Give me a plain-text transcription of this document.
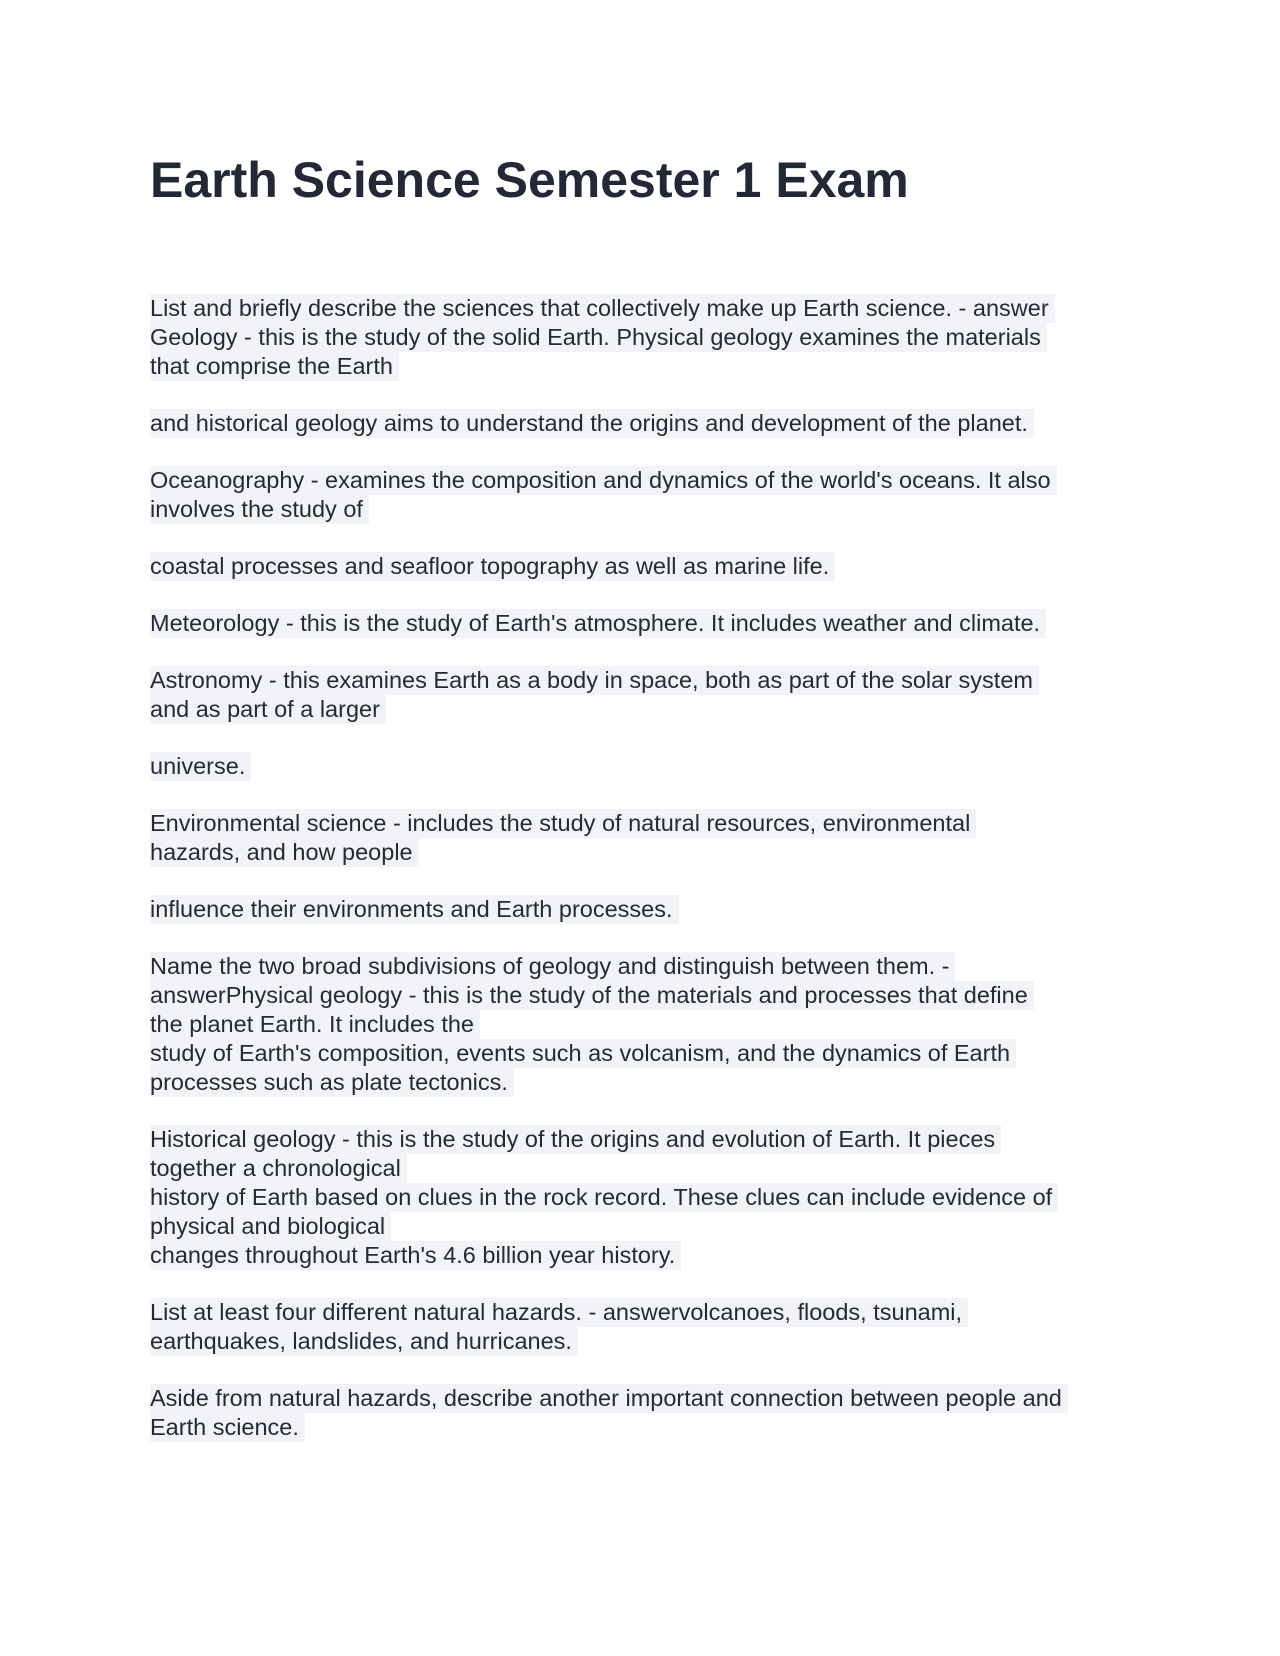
Earth Science Semester 1 Exam
List and briefly describe the sciences that collectively make up Earth science. - answer
Geology - this is the study of the solid Earth. Physical geology examines the materials
that comprise the Earth
and historical geology aims to understand the origins and development of the planet.
Oceanography - examines the composition and dynamics of the world's oceans. It also
involves the study of
coastal processes and seafloor topography as well as marine life.
Meteorology - this is the study of Earth's atmosphere. It includes weather and climate.
Astronomy - this examines Earth as a body in space, both as part of the solar system
and as part of a larger
universe.
Environmental science - includes the study of natural resources, environmental
hazards, and how people
influence their environments and Earth processes.
Name the two broad subdivisions of geology and distinguish between them. -
answerPhysical geology - this is the study of the materials and processes that define
the planet Earth. It includes the
study of Earth's composition, events such as volcanism, and the dynamics of Earth
processes such as plate tectonics.
Historical geology - this is the study of the origins and evolution of Earth. It pieces
together a chronological
history of Earth based on clues in the rock record. These clues can include evidence of
physical and biological
changes throughout Earth's 4.6 billion year history.
List at least four different natural hazards. - answervolcanoes, floods, tsunami,
earthquakes, landslides, and hurricanes.
Aside from natural hazards, describe another important connection between people and
Earth science.
